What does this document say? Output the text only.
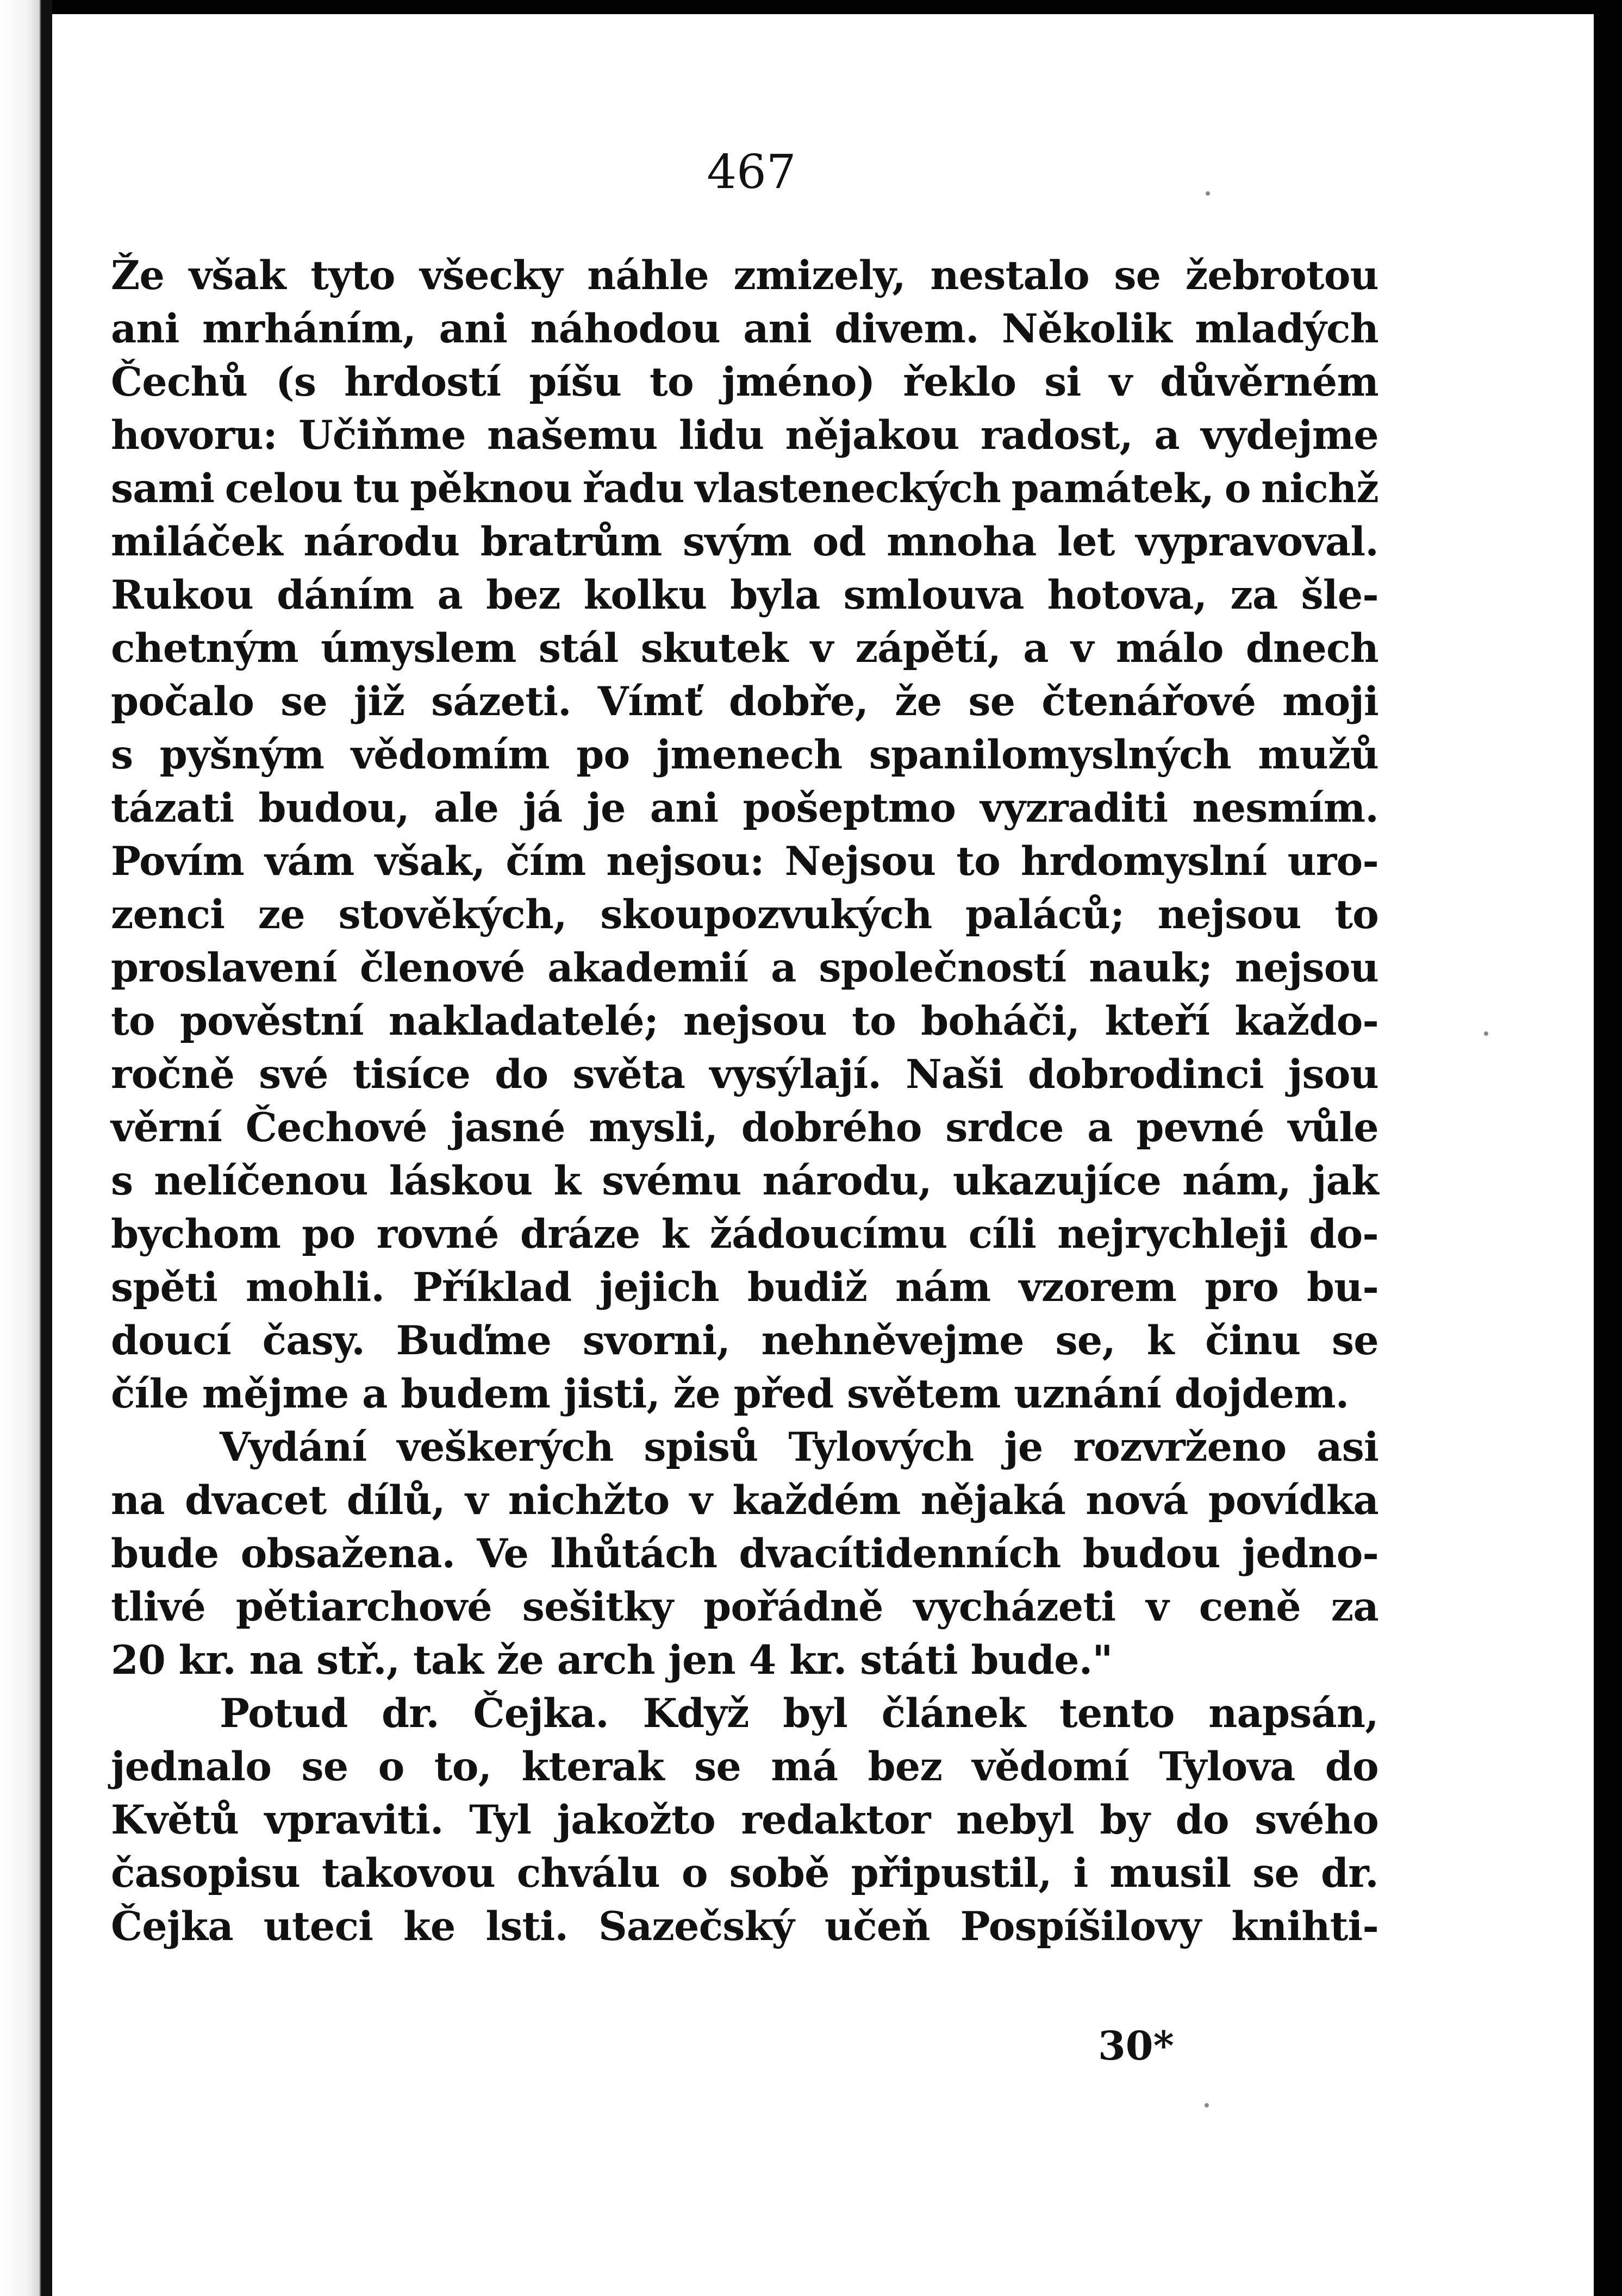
467
Že však tyto všecky náhle zmizely, nestalo se žebrotou
ani mrháním, ani náhodou ani divem. Několik mladých
Čechů (s hrdostí píšu to jméno) řeklo si v důvěrném
hovoru: Učiňme našemu lidu nějakou radost, a vydejme
sami celou tu pěknou řadu vlasteneckých památek, o nichž
miláček národu bratrům svým od mnoha let vypravoval.
Rukou dáním a bez kolku byla smlouva hotova, za šle-
chetným úmyslem stál skutek v zápětí, a v málo dnech
počalo se již sázeti. Vímť dobře, že se čtenářové moji
s pyšným vědomím po jmenech spanilomyslných mužů
tázati budou, ale já je ani pošeptmo vyzraditi nesmím.
Povím vám však, čím nejsou: Nejsou to hrdomyslní uro-
zenci ze stověkých, skoupozvukých paláců; nejsou to
proslavení členové akademií a společností nauk; nejsou
to pověstní nakladatelé; nejsou to boháči, kteří každo-
ročně své tisíce do světa vysýlají. Naši dobrodinci jsou
věrní Čechové jasné mysli, dobrého srdce a pevné vůle
s nelíčenou láskou k svému národu, ukazujíce nám, jak
bychom po rovné dráze k žádoucímu cíli nejrychleji do-
spěti mohli. Příklad jejich budiž nám vzorem pro bu-
doucí časy. Buďme svorni, nehněvejme se, k činu se
číle mějme a budem jisti, že před světem uznání dojdem.
Vydání veškerých spisů Tylových je rozvrženo asi
na dvacet dílů, v nichžto v každém nějaká nová povídka
bude obsažena. Ve lhůtách dvacítidenních budou jedno-
tlivé pětiarchové sešitky pořádně vycházeti v ceně za
20 kr. na stř., tak že arch jen 4 kr. státi bude."
Potud dr. Čejka. Když byl článek tento napsán,
jednalo se o to, kterak se má bez vědomí Tylova do
Květů vpraviti. Tyl jakožto redaktor nebyl by do svého
časopisu takovou chválu o sobě připustil, i musil se dr.
Čejka uteci ke lsti. Sazečský učeň Pospíšilovy knihti-
30*
